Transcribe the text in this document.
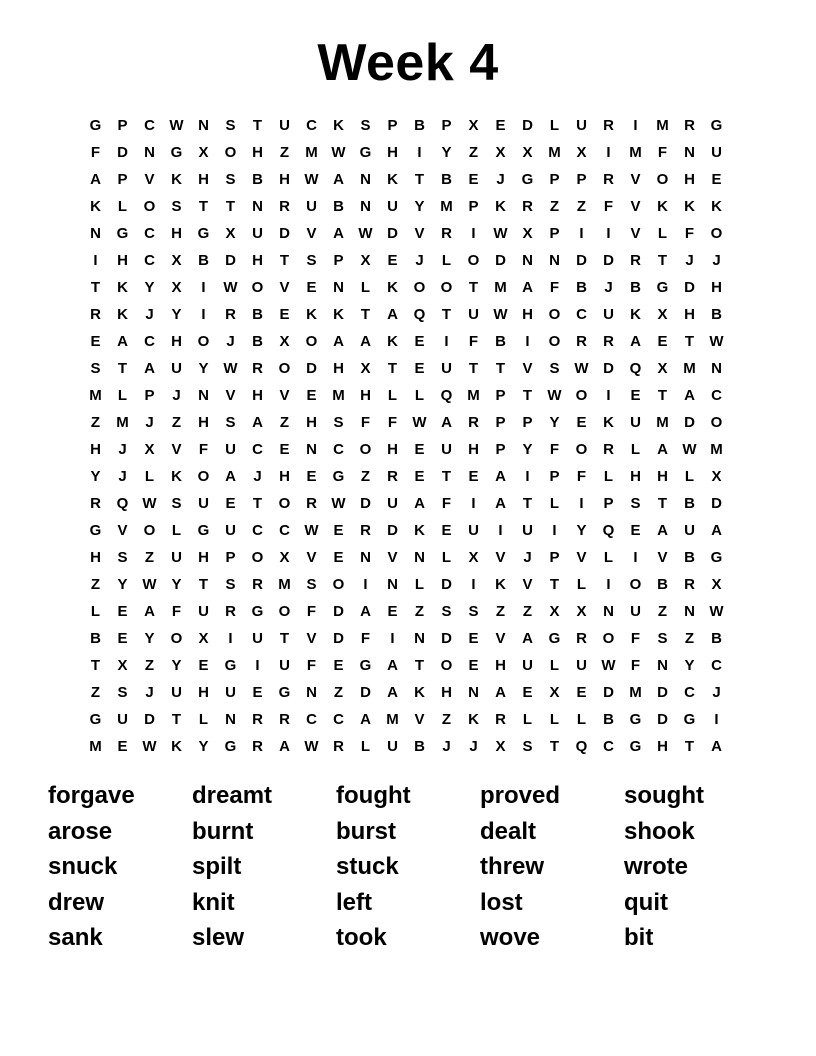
Week 4
G	P	C W N	S	T	U	C	K	S	P	B	P	X	E	D	L	U	R	I	M	R	G
F	D	N	G	X	O	H	Z	M W G	H	I	Y	Z	X	X	M	X	I	M	F	N	U
A	P	V	K	H	S	B	H W A	N	K	T	B	E	J	G	P	P	R	V	O	H	E
K	L	O	S	T	T	N	R	U	B	N	U	Y	M	P	K	R	Z	Z	F	V	K	K	K
N	G	C	H	G	X	U	D	V	A W D	V	R	I	W X	P	I	I	V	L	F	O
I	H	C	X	B	D	H	T	S	P	X	E	J	L	O	D	N	N	D	D	R	T	J	J
T	K	Y	X	I	W O	V	E	N	L	K	O	O	T	M	A	F	B	J	B	G	D	H
R	K	J	Y	I	R	B	E	K	K	T	A	Q	T	U W H	O	C	U	K	X	H	B
E	A	C	H	O	J	B	X	O	A	A	K	E	I	F	B	I	O	R	R	A	E	T	W
S	T	A	U	Y W R	O	D	H	X	T	E	U	T	T	V	S W D	Q	X	M	N
M	L	P	J	N	V	H	V	E	M	H	L	L	Q M	P	T	W O	I	E	T	A	C
Z	M	J	Z	H	S	A	Z	H	S	F	F	W A	R	P	P	Y	E	K	U	M	D	O
H	J	X	V	F	U	C	E	N	C	O	H	E	U	H	P	Y	F	O	R	L	A W M
Y	J	L	K	O	A	J	H	E	G	Z	R	E	T	E	A	I	P	F	L	H	H	L	X
R	Q W S	U	E	T	O	R W D	U	A	F	I	A	T	L	I	P	S	T	B	D
G	V	O	L	G	U	C	C W E	R	D	K	E	U	I	U	I	Y	Q	E	A	U	A
H	S	Z	U	H	P	O	X	V	E	N	V	N	L	X	V	J	P	V	L	I	V	B	G
Z	Y W Y	T	S	R	M	S	O	I	N	L	D	I	K	V	T	L	I	O	B	R	X
L	E	A	F	U	R	G	O	F	D	A	E	Z	S	S	Z	Z	X	X	N	U	Z	N W
B	E	Y	O	X	I	U	T	V	D	F	I	N	D	E	V	A	G	R	O	F	S	Z	B
T	X	Z	Y	E	G	I	U	F	E	G	A	T	O	E	H	U	L	U W	F	N	Y	C
Z	S	J	U	H	U	E	G	N	Z	D	A	K	H	N	A	E	X	E	D	M	D	C	J
G	U	D	T	L	N	R	R	C	C	A	M	V	Z	K	R	L	L	L	B	G	D	G	I
M	E W K	Y	G	R	A W R	L	U	B	J	J	X	S	T	Q	C	G	H	T	A
forgave	dreamt	fought	proved	sought
arose	burnt	burst	dealt	shook
snuck	spilt	stuck	threw	wrote
drew	knit	left	lost	quit
sank	slew	took	wove	bit
